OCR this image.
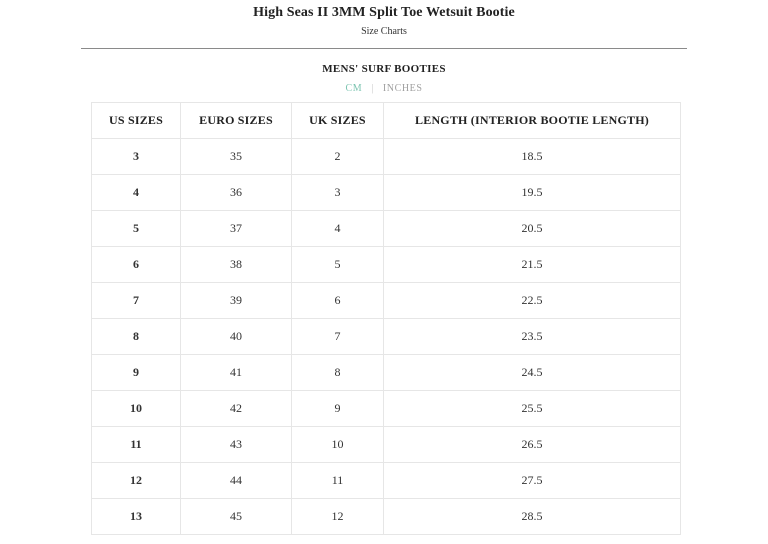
High Seas II 3MM Split Toe Wetsuit Bootie
Size Charts
MENS' SURF BOOTIES
CM | INCHES
US SIZES	EURO SIZES	UK SIZES	LENGTH (INTERIOR BOOTIE LENGTH)
3	35	2	18.5
4	36	3	19.5
5	37	4	20.5
6	38	5	21.5
7	39	6	22.5
8	40	7	23.5
9	41	8	24.5
10	42	9	25.5
11	43	10	26.5
12	44	11	27.5
13	45	12	28.5
